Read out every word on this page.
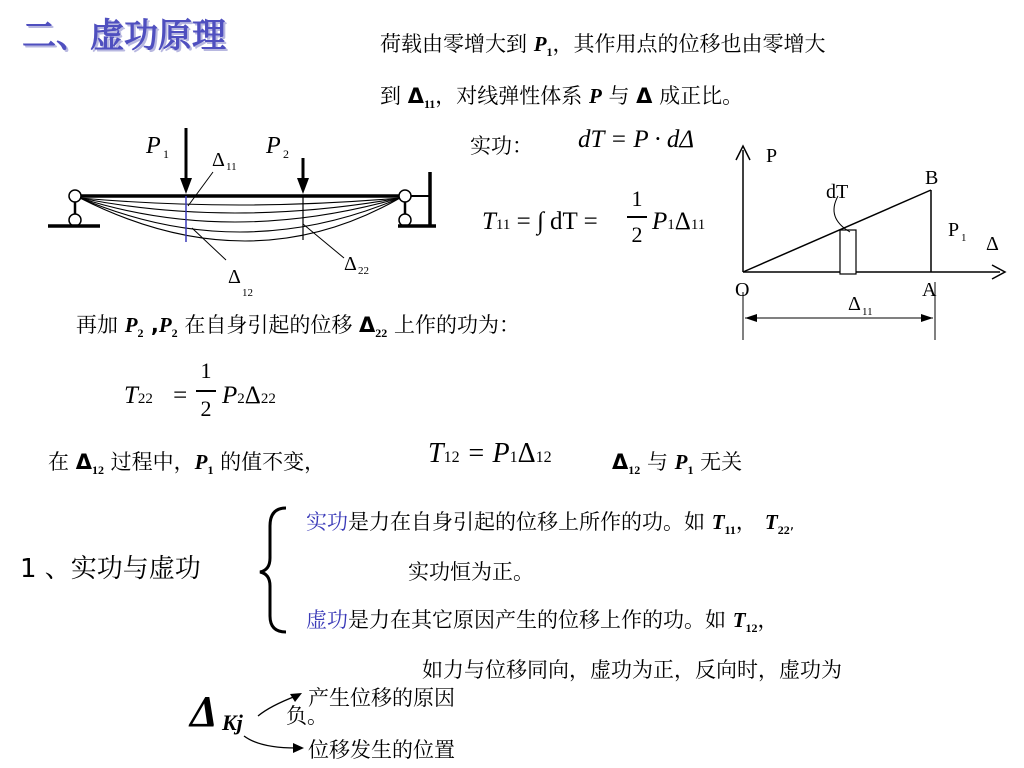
二、虚功原理	荷载由零增大到 $P_1$，其作用点的位移也由零增大
到 $\Delta_{11}$，对线弹性体系 P 与 Δ 成正比。
实功： dT = P · dΔ
T11 = ∫ dT =
1
2 P1Δ11
P 1	P 2
Δ 11
Δ
12
Δ 22
P
Δ
O	A
B
dT
P 1
Δ 11
再加 $P_2$ $,P_2$ 在自身引起的位移 $\Delta_{22}$ 上作的功为：
T22 =
1
2 P2Δ22
在 $\Delta_{12}$ 过程中，$P_1$ 的值不变，	T12 = P1Δ12	$\Delta_{12}$ 与 $P_1$ 无关
1 、实功与虚功
实功是力在自身引起的位移上所作的功。如 $T_{11}$， $T_{22}$,
实功恒为正。
虚功是力在其它原因产生的位移上作的功。如 $T_{12}$，
如力与位移同向，虚功为正，反向时，虚功为
负。
Δ Kj
产生位移的原因
位移发生的位置
